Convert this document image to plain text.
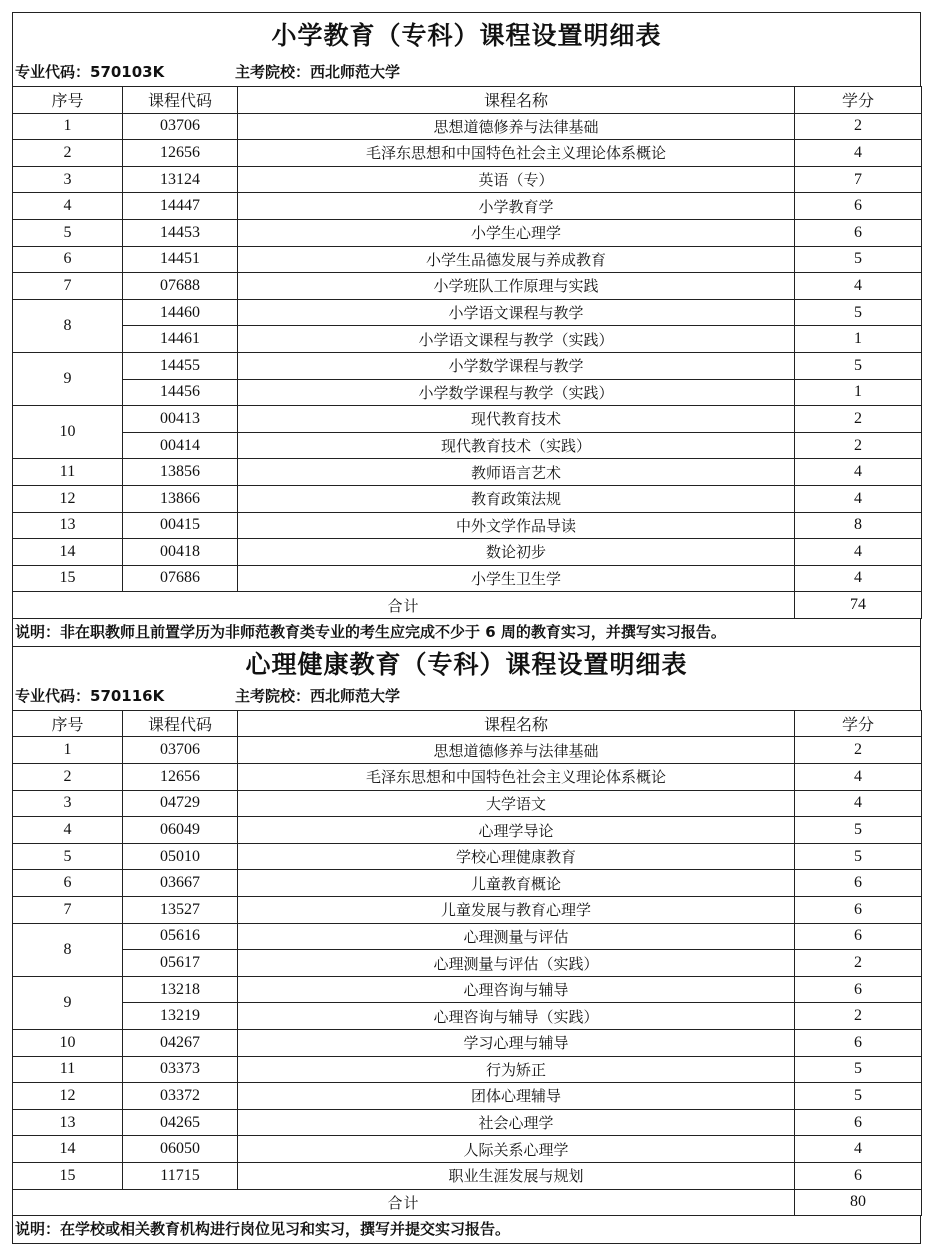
小学教育（专科）课程设置明细表
专业代码：570103K	主考院校：西北师范大学
序号	课程代码	课程名称	学分
1	03706	思想道德修养与法律基础	2
2	12656	毛泽东思想和中国特色社会主义理论体系概论	4
3	13124	英语（专）	7
4	14447	小学教育学	6
5	14453	小学生心理学	6
6	14451	小学生品德发展与养成教育	5
7	07688	小学班队工作原理与实践	4
8	14460	小学语文课程与教学	5
	14461	小学语文课程与教学（实践）	1
9	14455	小学数学课程与教学	5
	14456	小学数学课程与教学（实践）	1
10	00413	现代教育技术	2
	00414	现代教育技术（实践）	2
11	13856	教师语言艺术	4
12	13866	教育政策法规	4
13	00415	中外文学作品导读	8
14	00418	数论初步	4
15	07686	小学生卫生学	4
合计			74
说明：非在职教师且前置学历为非师范教育类专业的考生应完成不少于 6 周的教育实习，并撰写实习报告。
心理健康教育（专科）课程设置明细表
专业代码：570116K	主考院校：西北师范大学
序号	课程代码	课程名称	学分
1	03706	思想道德修养与法律基础	2
2	12656	毛泽东思想和中国特色社会主义理论体系概论	4
3	04729	大学语文	4
4	06049	心理学导论	5
5	05010	学校心理健康教育	5
6	03667	儿童教育概论	6
7	13527	儿童发展与教育心理学	6
8	05616	心理测量与评估	6
	05617	心理测量与评估（实践）	2
9	13218	心理咨询与辅导	6
	13219	心理咨询与辅导（实践）	2
10	04267	学习心理与辅导	6
11	03373	行为矫正	5
12	03372	团体心理辅导	5
13	04265	社会心理学	6
14	06050	人际关系心理学	4
15	11715	职业生涯发展与规划	6
合计			80
说明：在学校或相关教育机构进行岗位见习和实习，撰写并提交实习报告。
